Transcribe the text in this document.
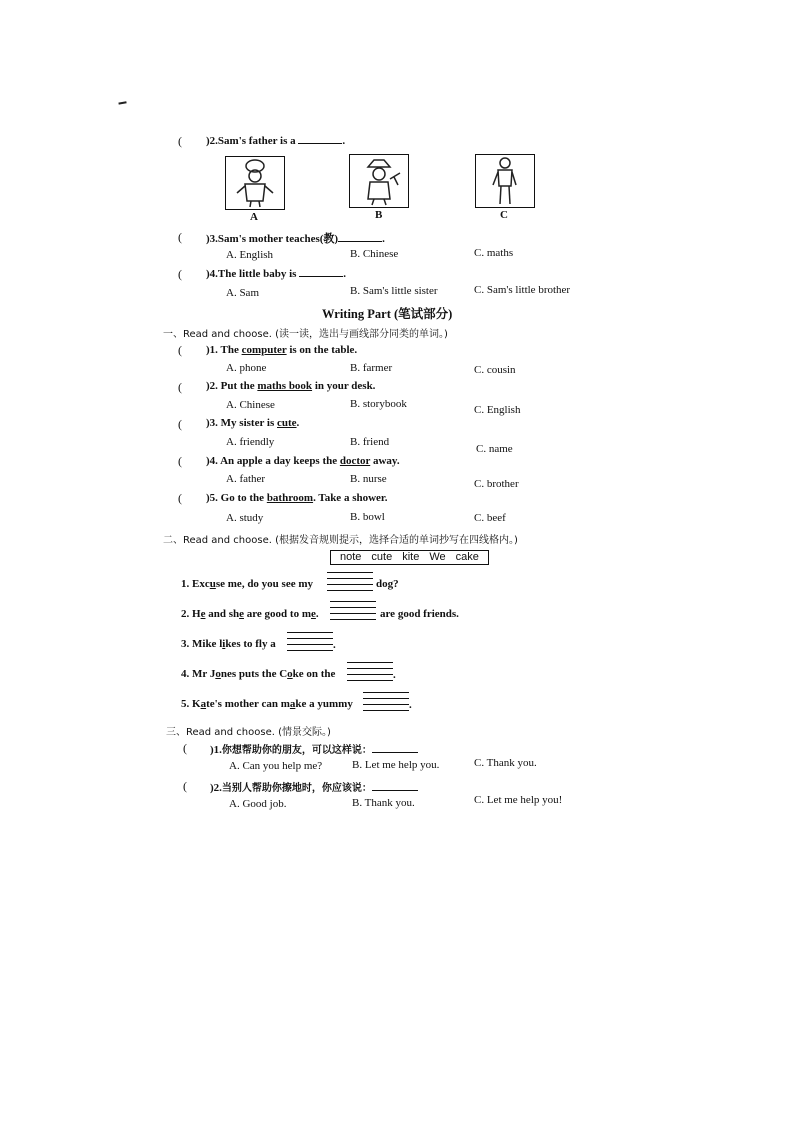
( )2.Sam's father is a	.
A	B	C
( )3.Sam's mother teaches(教)	.
A. English	B. Chinese	C. maths
( )4.The little baby is	.
A. Sam	B. Sam's little sister	C. Sam's little brother
Writing Part (笔试部分)
一、Read and choose. (读一读，选出与画线部分同类的单词。)
( )1. The computer is on the table.
A. phone	B. farmer	C. cousin
( )2. Put the maths book in your desk.
A. Chinese	B. storybook	C. English
( )3. My sister is cute.
A. friendly	B. friend
C. name
( )4. An apple a day keeps the doctor away.
A. father	B. nurse	C. brother
( )5. Go to the bathroom. Take a shower.
A. study	B. bowl	C. beef
二、Read and choose. (根据发音规则提示，选择合适的单词抄写在四线格内。)
note cute kite We cake
1. Excuse me, do you see my	dog?
2. He and she are good to me.	are good friends.
3. Mike likes to fly a	.
4. Mr Jones puts the Coke on the	.
5. Kate's mother can make a yummy	.
三、Read and choose. (情景交际。)
( )1.你想帮助你的朋友，可以这样说：
A. Can you help me?	B. Let me help you.	C. Thank you.
( )2.当别人帮助你擦地时，你应该说：
A. Good job.	B. Thank you.	C. Let me help you!
